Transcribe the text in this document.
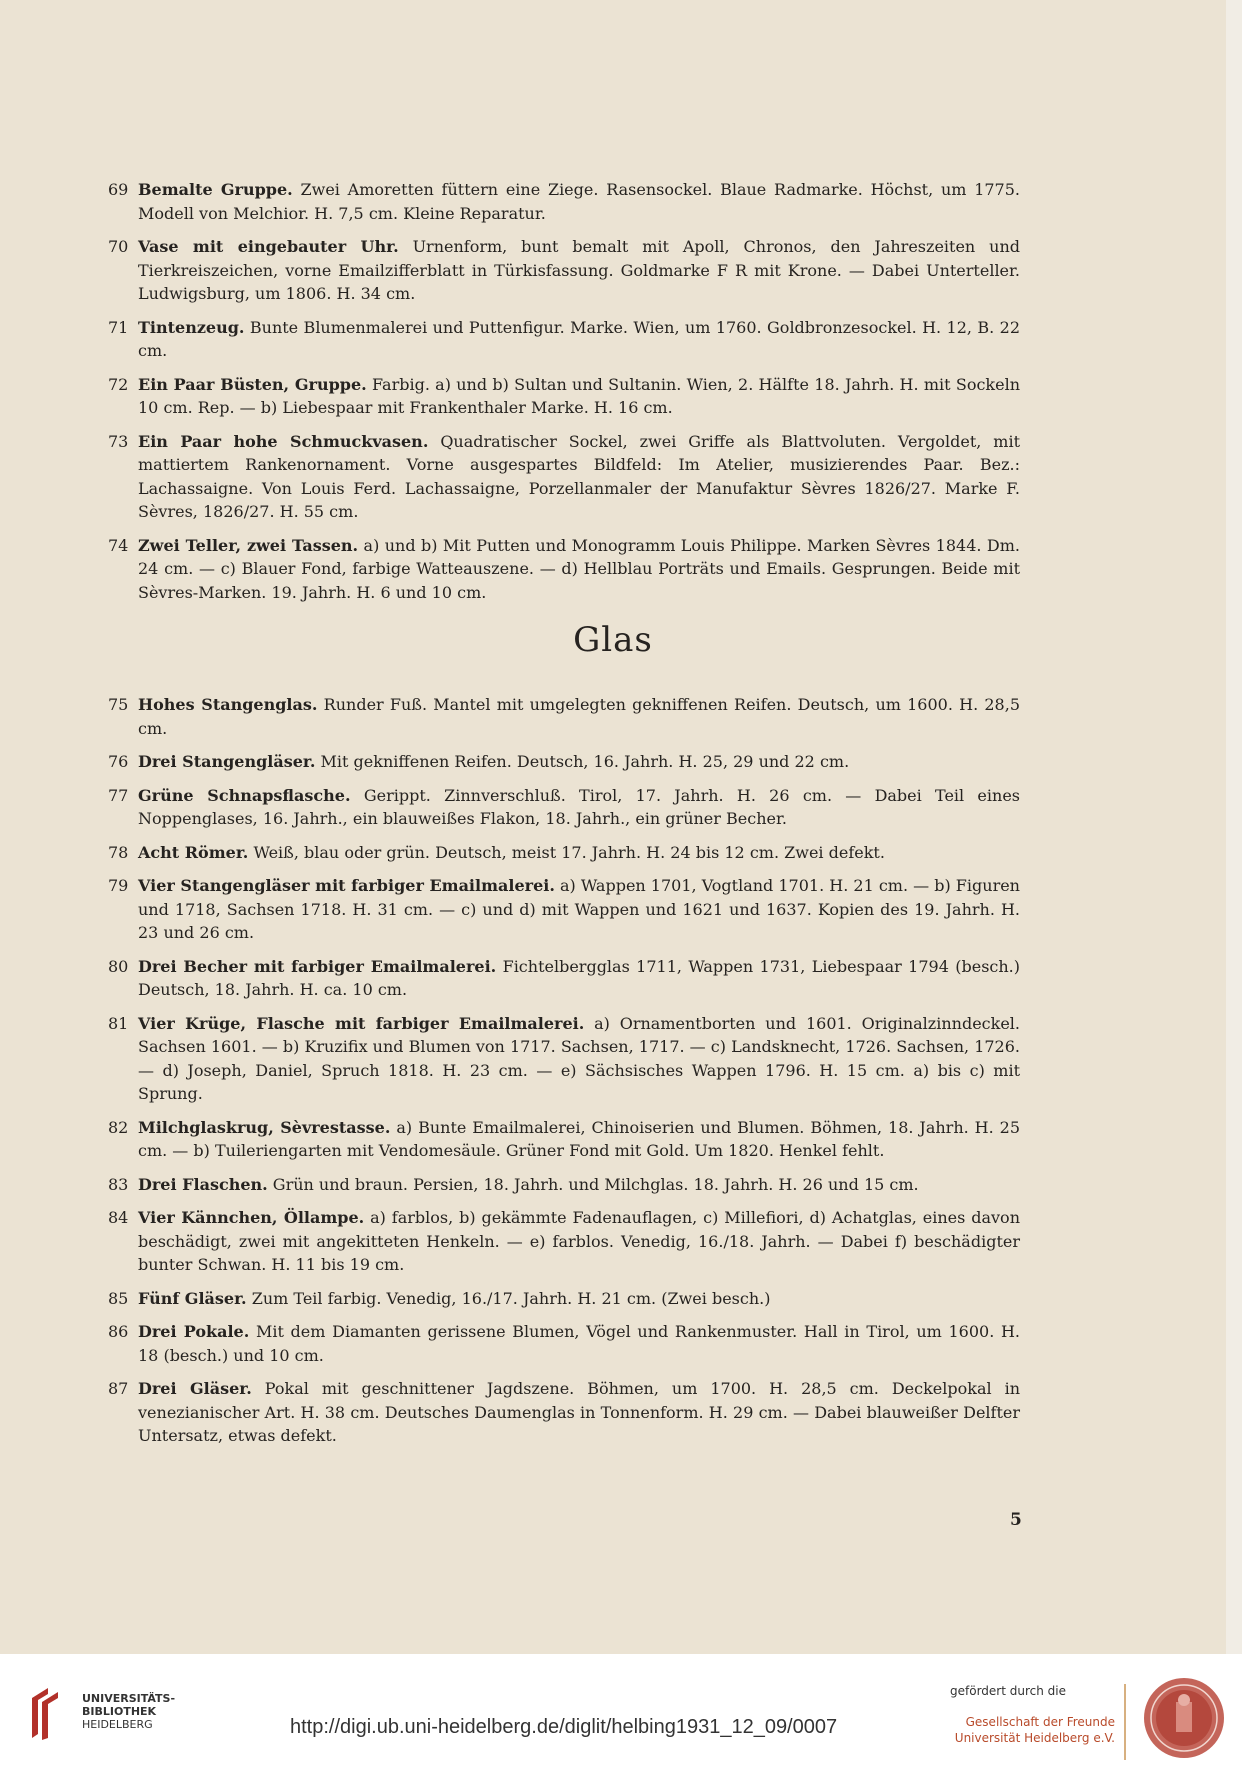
69 Bemalte Gruppe. Zwei Amoretten füttern eine Ziege. Rasensockel. Blaue Radmarke. Höchst, um 1775. Modell von Melchior. H. 7,5 cm. Kleine Reparatur.
70 Vase mit eingebauter Uhr. Urnenform, bunt bemalt mit Apoll, Chronos, den Jahreszeiten und Tierkreiszeichen, vorne Emailzifferblatt in Türkisfassung. Goldmarke F R mit Krone. — Dabei Unterteller. Ludwigsburg, um 1806. H. 34 cm.
71 Tintenzeug. Bunte Blumenmalerei und Puttenfigur. Marke. Wien, um 1760. Goldbronzesockel. H. 12, B. 22 cm.
72 Ein Paar Büsten, Gruppe. Farbig. a) und b) Sultan und Sultanin. Wien, 2. Hälfte 18. Jahrh. H. mit Sockeln 10 cm. Rep. — b) Liebespaar mit Frankenthaler Marke. H. 16 cm.
73 Ein Paar hohe Schmuckvasen. Quadratischer Sockel, zwei Griffe als Blattvoluten. Vergoldet, mit mattiertem Rankenornament. Vorne ausgespartes Bildfeld: Im Atelier, musizierendes Paar. Bez.: Lachassaigne. Von Louis Ferd. Lachassaigne, Porzellanmaler der Manufaktur Sèvres 1826/27. Marke F. Sèvres, 1826/27. H. 55 cm.
74 Zwei Teller, zwei Tassen. a) und b) Mit Putten und Monogramm Louis Philippe. Marken Sèvres 1844. Dm. 24 cm. — c) Blauer Fond, farbige Watteauszene. — d) Hellblau Porträts und Emails. Gesprungen. Beide mit Sèvres-Marken. 19. Jahrh. H. 6 und 10 cm.
Glas
75 Hohes Stangenglas. Runder Fuß. Mantel mit umgelegten gekniffenen Reifen. Deutsch, um 1600. H. 28,5 cm.
76 Drei Stangengläser. Mit gekniffenen Reifen. Deutsch, 16. Jahrh. H. 25, 29 und 22 cm.
77 Grüne Schnapsflasche. Gerippt. Zinnverschluß. Tirol, 17. Jahrh. H. 26 cm. — Dabei Teil eines Noppenglases, 16. Jahrh., ein blauweißes Flakon, 18. Jahrh., ein grüner Becher.
78 Acht Römer. Weiß, blau oder grün. Deutsch, meist 17. Jahrh. H. 24 bis 12 cm. Zwei defekt.
79 Vier Stangengläser mit farbiger Emailmalerei. a) Wappen 1701, Vogtland 1701. H. 21 cm. — b) Figuren und 1718, Sachsen 1718. H. 31 cm. — c) und d) mit Wappen und 1621 und 1637. Kopien des 19. Jahrh. H. 23 und 26 cm.
80 Drei Becher mit farbiger Emailmalerei. Fichtelbergglas 1711, Wappen 1731, Liebespaar 1794 (besch.) Deutsch, 18. Jahrh. H. ca. 10 cm.
81 Vier Krüge, Flasche mit farbiger Emailmalerei. a) Ornamentborten und 1601. Originalzinndeckel. Sachsen 1601. — b) Kruzifix und Blumen von 1717. Sachsen, 1717. — c) Landsknecht, 1726. Sachsen, 1726. — d) Joseph, Daniel, Spruch 1818. H. 23 cm. — e) Sächsisches Wappen 1796. H. 15 cm. a) bis c) mit Sprung.
82 Milchglaskrug, Sèvrestasse. a) Bunte Emailmalerei, Chinoiserien und Blumen. Böhmen, 18. Jahrh. H. 25 cm. — b) Tuileriengarten mit Vendomesäule. Grüner Fond mit Gold. Um 1820. Henkel fehlt.
83 Drei Flaschen. Grün und braun. Persien, 18. Jahrh. und Milchglas. 18. Jahrh. H. 26 und 15 cm.
84 Vier Kännchen, Öllampe. a) farblos, b) gekämmte Fadenauflagen, c) Millefiori, d) Achatglas, eines davon beschädigt, zwei mit angekitteten Henkeln. — e) farblos. Venedig, 16./18. Jahrh. — Dabei f) beschädigter bunter Schwan. H. 11 bis 19 cm.
85 Fünf Gläser. Zum Teil farbig. Venedig, 16./17. Jahrh. H. 21 cm. (Zwei besch.)
86 Drei Pokale. Mit dem Diamanten gerissene Blumen, Vögel und Rankenmuster. Hall in Tirol, um 1600. H. 18 (besch.) und 10 cm.
87 Drei Gläser. Pokal mit geschnittener Jagdszene. Böhmen, um 1700. H. 28,5 cm. Deckelpokal in venezianischer Art. H. 38 cm. Deutsches Daumenglas in Tonnenform. H. 29 cm. — Dabei blauweißer Delfter Untersatz, etwas defekt.
5
UNIVERSITÄTS-
BIBLIOTHEK
HEIDELBERG	http://digi.ub.uni-heidelberg.de/diglit/helbing1931_12_09/0007
gefördert durch die
Gesellschaft der Freunde
Universität Heidelberg e.V.
